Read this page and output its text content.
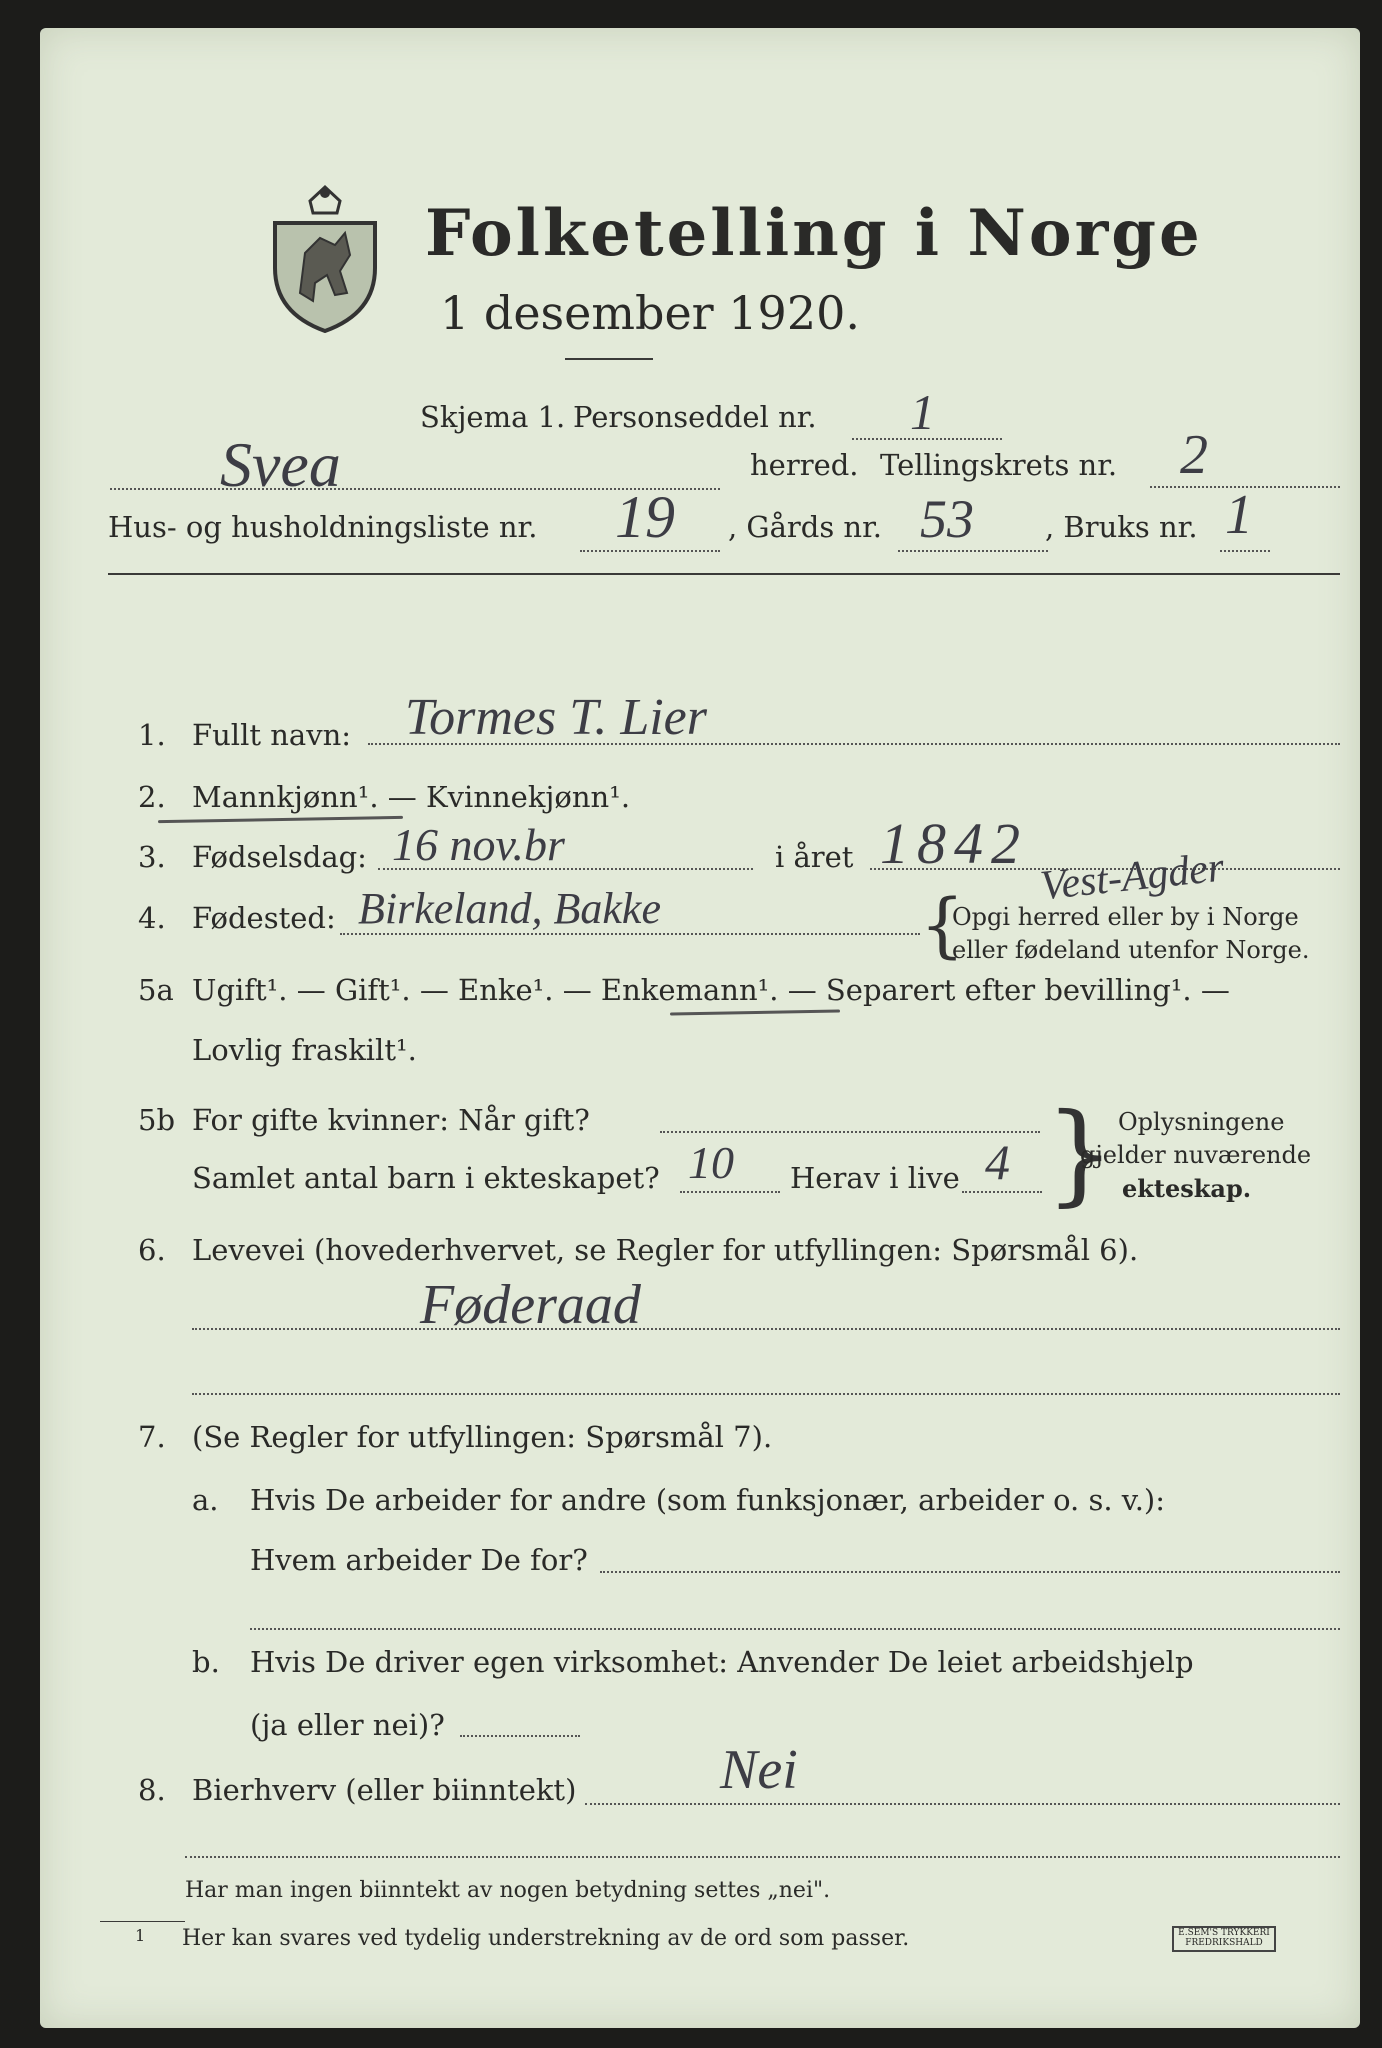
Folketelling i Norge
1 desember 1920.
Skjema 1. Personseddel nr. 1
Svea	herred. Tellingskrets nr. 2
Hus- og husholdningsliste nr. 19 , Gårds nr. 53 , Bruks nr. 1
1. Fullt navn: Tormes T. Lier
2. Mannkjønn¹. — Kvinnekjønn¹.
3. Fødselsdag: 16 nov.br	i året 1842
4. Fødested: Birkeland, Bakke	Vest-Agder
{
Opgi herred eller by i Norge
eller fødeland utenfor Norge.
5a Ugift¹. — Gift¹. — Enke¹. — Enkemann¹. — Separert efter bevilling¹. —
Lovlig fraskilt¹.
5b For gifte kvinner: Når gift?
Samlet antal barn i ekteskapet? 10 Herav i live 4 } Oplysningene
gjelder nuværende
ekteskap.
6. Levevei (hovederhvervet, se Regler for utfyllingen: Spørsmål 6).
Føderaad
7. (Se Regler for utfyllingen: Spørsmål 7).
a. Hvis De arbeider for andre (som funksjonær, arbeider o. s. v.):
Hvem arbeider De for?
b. Hvis De driver egen virksomhet: Anvender De leiet arbeidshjelp
(ja eller nei)?
8. Bierhverv (eller biinntekt)	Nei
Har man ingen biinntekt av nogen betydning settes „nei".
1 Her kan svares ved tydelig understrekning av de ord som passer.	E.SEM'S TRYKKERI FREDRIKSHALD
